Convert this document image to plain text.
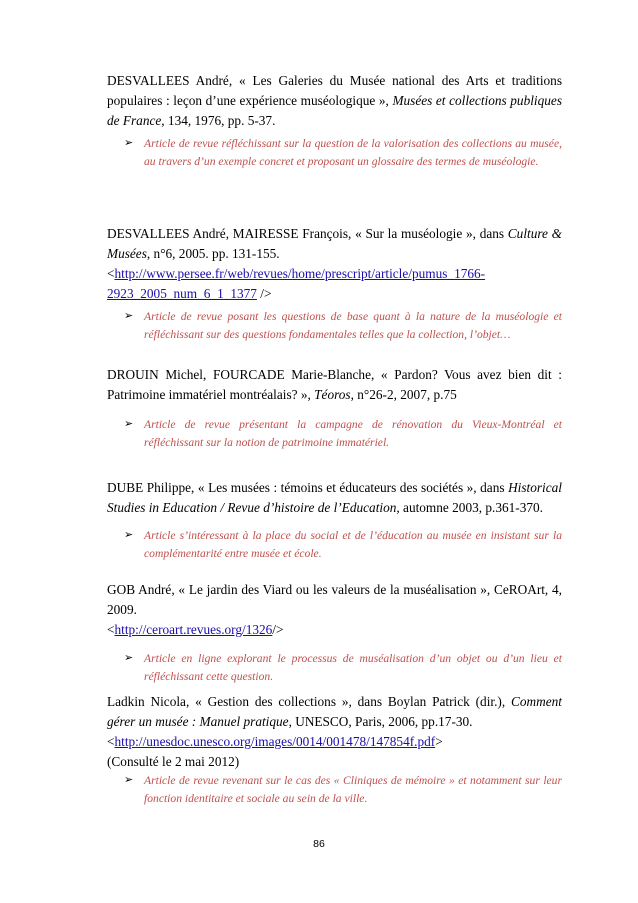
DESVALLEES André, « Les Galeries du Musée national des Arts et traditions populaires : leçon d’une expérience muséologique », Musées et collections publiques de France, 134, 1976, pp. 5-37.

➢ Article de revue réfléchissant sur la question de la valorisation des collections au musée, au travers d’un exemple concret et proposant un glossaire des termes de muséologie.

DESVALLEES André, MAIRESSE François, « Sur la muséologie », dans Culture & Musées, n°6, 2005. pp. 131-155.
<http://www.persee.fr/web/revues/home/prescript/article/pumus_1766-2923_2005_num_6_1_1377 />

➢ Article de revue posant les questions de base quant à la nature de la muséologie et réfléchissant sur des questions fondamentales telles que la collection, l’objet…

DROUIN Michel, FOURCADE Marie-Blanche, « Pardon? Vous avez bien dit : Patrimoine immatériel montréalais? », Téoros, n°26-2, 2007, p.75

➢ Article de revue présentant la campagne de rénovation du Vieux-Montréal et réfléchissant sur la notion de patrimoine immatériel.

DUBE Philippe, « Les musées : témoins et éducateurs des sociétés », dans Historical Studies in Education / Revue d’histoire de l’Education, automne 2003, p.361-370.

➢ Article s’intéressant à la place du social et de l’éducation au musée en insistant sur la complémentarité entre musée et école.

GOB André, « Le jardin des Viard ou les valeurs de la muséalisation », CeROArt, 4, 2009.
<http://ceroart.revues.org/1326/>

➢ Article en ligne explorant le processus de muséalisation d’un objet ou d’un lieu et réfléchissant cette question.

Ladkin Nicola, « Gestion des collections », dans Boylan Patrick (dir.), Comment gérer un musée : Manuel pratique, UNESCO, Paris, 2006, pp.17-30.
<http://unesdoc.unesco.org/images/0014/001478/147854f.pdf>
(Consulté le 2 mai 2012)

➢ Article de revue revenant sur le cas des « Cliniques de mémoire » et notamment sur leur fonction identitaire et sociale au sein de la ville.

86
